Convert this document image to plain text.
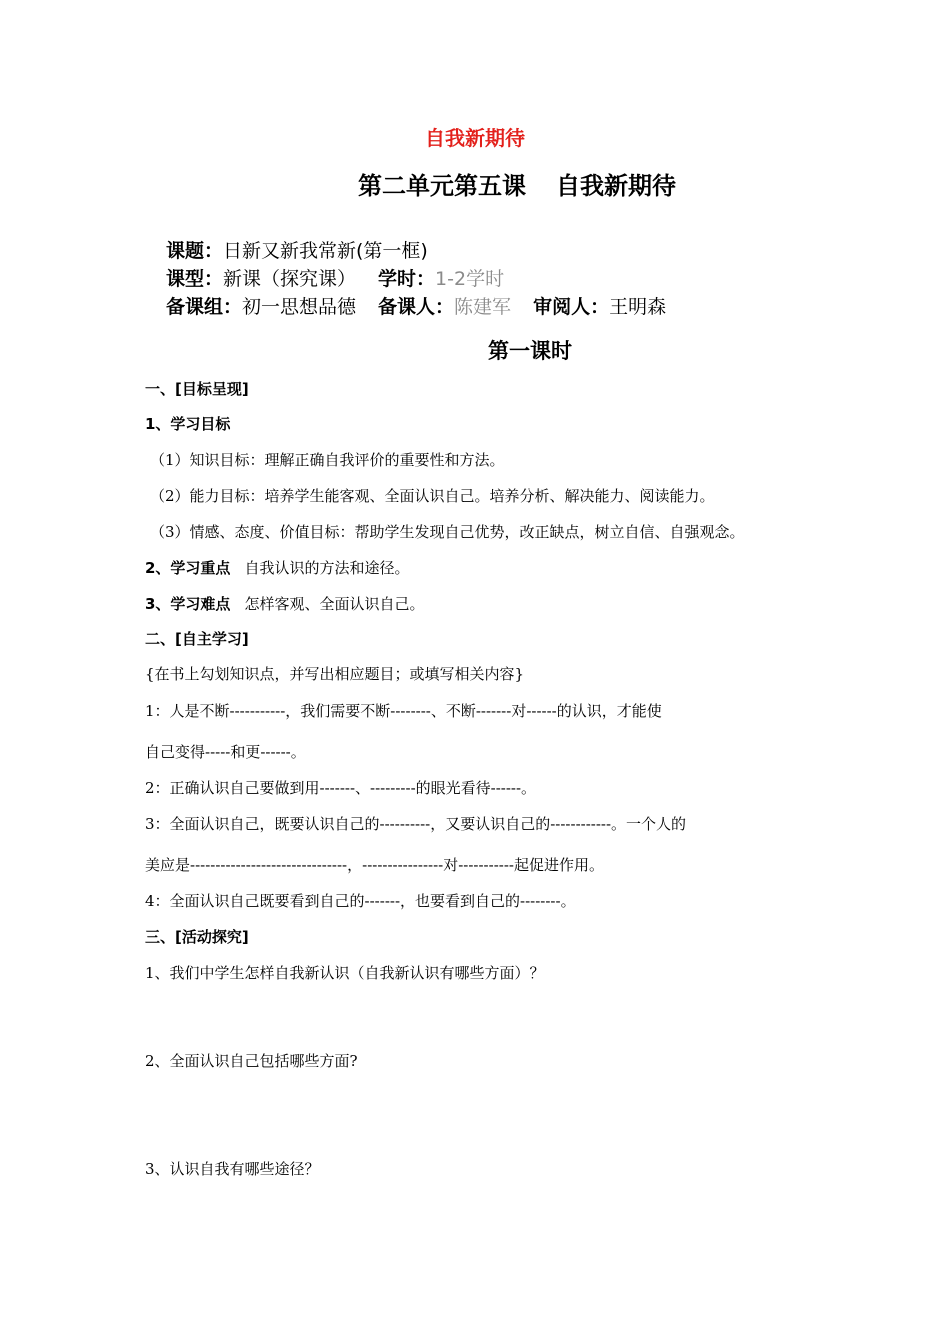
自我新期待
第二单元第五课 自我新期待
课题：日新又新我常新(第一框)
课型：新课（探究课） 学时：1-2学时
备课组：初一思想品德 备课人：陈建军 审阅人：王明森
第一课时
一、[目标呈现]
1、学习目标
（1）知识目标：理解正确自我评价的重要性和方法。
（2）能力目标：培养学生能客观、全面认识自己。培养分析、解决能力、阅读能力。
（3）情感、态度、价值目标：帮助学生发现自己优势，改正缺点，树立自信、自强观念。
2、学习重点 自我认识的方法和途径。
3、学习难点 怎样客观、全面认识自己。
二、[自主学习]
{在书上勾划知识点，并写出相应题目；或填写相关内容}
1：人是不断-----------，我们需要不断--------、不断-------对------的认识，才能使
自己变得-----和更------。
2：正确认识自己要做到用-------、---------的眼光看待------。
3：全面认识自己，既要认识自己的----------，又要认识自己的------------。一个人的
美应是-------------------------------，----------------对-----------起促进作用。
4：全面认识自己既要看到自己的-------，也要看到自己的--------。
三、[活动探究]
1、我们中学生怎样自我新认识（自我新认识有哪些方面）？
2、全面认识自己包括哪些方面?
3、认识自我有哪些途径？
